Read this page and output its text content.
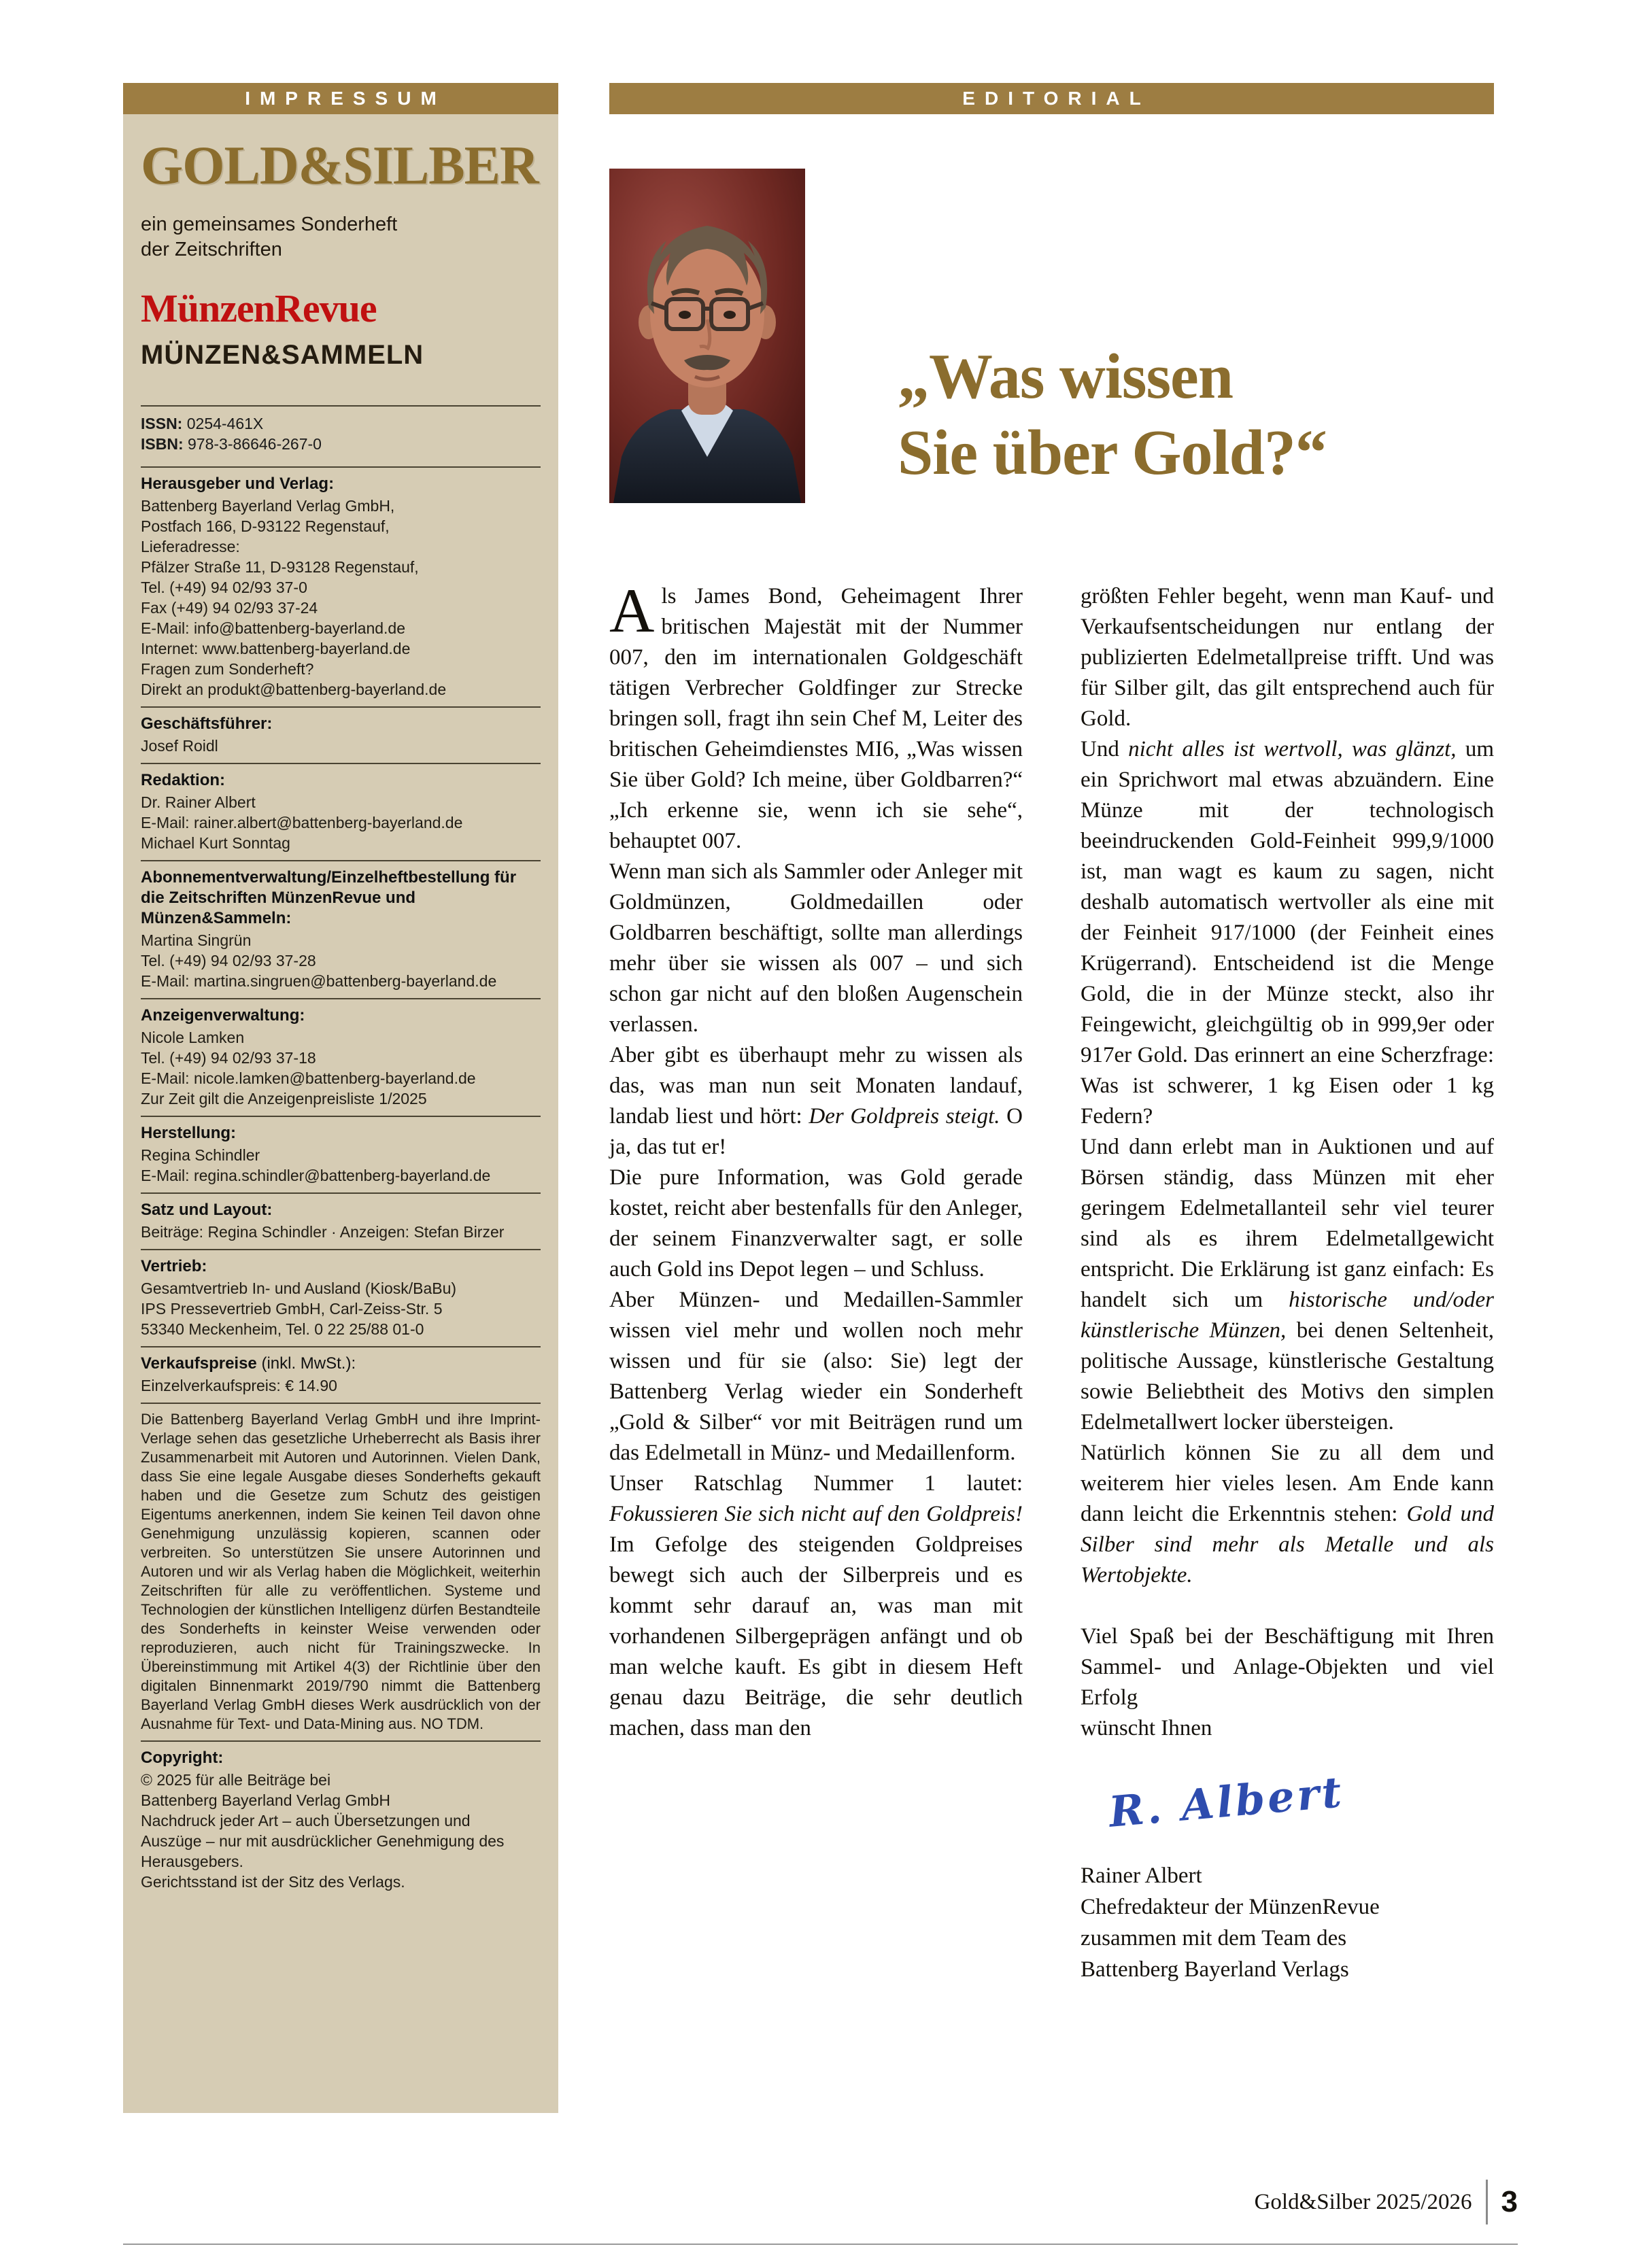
IMPRESSUM
GOLD&SILBER
ein gemeinsames Sonderheft
der Zeitschriften
MünzenRevue
MÜNZEN&SAMMELN
ISSN: 0254-461X
ISBN: 978-3-86646-267-0
Herausgeber und Verlag:
Battenberg Bayerland Verlag GmbH,
Postfach 166, D-93122 Regenstauf,
Lieferadresse:
Pfälzer Straße 11, D-93128 Regenstauf,
Tel. (+49) 94 02/93 37-0
Fax (+49) 94 02/93 37-24
E-Mail: info@battenberg-bayerland.de
Internet: www.battenberg-bayerland.de
Fragen zum Sonderheft?
Direkt an produkt@battenberg-bayerland.de
Geschäftsführer:
Josef Roidl
Redaktion:
Dr. Rainer Albert
E-Mail: rainer.albert@battenberg-bayerland.de
Michael Kurt Sonntag
Abonnementverwaltung/Einzelheftbestellung für die Zeitschriften MünzenRevue und Münzen&Sammeln:
Martina Singrün
Tel. (+49) 94 02/93 37-28
E-Mail: martina.singruen@battenberg-bayerland.de
Anzeigenverwaltung:
Nicole Lamken
Tel. (+49) 94 02/93 37-18
E-Mail: nicole.lamken@battenberg-bayerland.de
Zur Zeit gilt die Anzeigenpreisliste 1/2025
Herstellung:
Regina Schindler
E-Mail: regina.schindler@battenberg-bayerland.de
Satz und Layout:
Beiträge: Regina Schindler · Anzeigen: Stefan Birzer
Vertrieb:
Gesamtvertrieb In- und Ausland (Kiosk/BaBu)
IPS Pressevertrieb GmbH, Carl-Zeiss-Str. 5
53340 Meckenheim, Tel. 0 22 25/88 01-0
Verkaufspreise (inkl. MwSt.):
Einzelverkaufspreis: € 14.90

Die Battenberg Bayerland Verlag GmbH und ihre Imprint-Verlage sehen das gesetzliche Urheberrecht als Basis ihrer Zusammenarbeit mit Autoren und Autorinnen. Vielen Dank, dass Sie eine legale Ausgabe dieses Sonderhefts gekauft haben und die Gesetze zum Schutz des geistigen Eigentums anerkennen, indem Sie keinen Teil davon ohne Genehmigung unzulässig kopieren, scannen oder verbreiten. So unterstützen Sie unsere Autorinnen und Autoren und wir als Verlag haben die Möglichkeit, weiterhin Zeitschriften für alle zu veröffentlichen. Systeme und Technologien der künstlichen Intelligenz dürfen Bestandteile des Sonderhefts in keinster Weise verwenden oder reproduzieren, auch nicht für Trainingszwecke. In Übereinstimmung mit Artikel 4(3) der Richtlinie über den digitalen Binnenmarkt 2019/790 nimmt die Battenberg Bayerland Verlag GmbH dieses Werk ausdrücklich von der Ausnahme für Text- und Data-Mining aus. NO TDM.

Copyright:
© 2025 für alle Beiträge bei
Battenberg Bayerland Verlag GmbH
Nachdruck jeder Art – auch Übersetzungen und
Auszüge – nur mit ausdrücklicher Genehmigung des
Herausgebers.
Gerichtsstand ist der Sitz des Verlags.
EDITORIAL
„Was wissen
Sie über Gold?“

Als James Bond, Geheimagent Ihrer britischen Majestät mit der Nummer 007, den im internationalen Goldgeschäft tätigen Verbrecher Goldfinger zur Strecke bringen soll, fragt ihn sein Chef M, Leiter des britischen Geheimdienstes MI6, „Was wissen Sie über Gold? Ich meine, über Goldbarren?“ „Ich erkenne sie, wenn ich sie sehe“, behauptet 007.

Wenn man sich als Sammler oder Anleger mit Goldmünzen, Goldmedaillen oder Goldbarren beschäftigt, sollte man allerdings mehr über sie wissen als 007 – und sich schon gar nicht auf den bloßen Augenschein verlassen.

Aber gibt es überhaupt mehr zu wissen als das, was man nun seit Monaten landauf, landab liest und hört: Der Goldpreis steigt. O ja, das tut er!

Die pure Information, was Gold gerade kostet, reicht aber bestenfalls für den Anleger, der seinem Finanzverwalter sagt, er solle auch Gold ins Depot legen – und Schluss.

Aber Münzen- und Medaillen-Sammler wissen viel mehr und wollen noch mehr wissen und für sie (also: Sie) legt der Battenberg Verlag wieder ein Sonderheft „Gold & Silber“ vor mit Beiträgen rund um das Edelmetall in Münz- und Medaillenform.

Unser Ratschlag Nummer 1 lautet: Fokussieren Sie sich nicht auf den Goldpreis! Im Gefolge des steigenden Goldpreises bewegt sich auch der Silberpreis und es kommt sehr darauf an, was man mit vorhandenen Silbergeprägen anfängt und ob man welche kauft. Es gibt in diesem Heft genau dazu Beiträge, die sehr deutlich machen, dass man den

größten Fehler begeht, wenn man Kauf- und Verkaufsentscheidungen nur entlang der publizierten Edelmetallpreise trifft. Und was für Silber gilt, das gilt entsprechend auch für Gold.

Und nicht alles ist wertvoll, was glänzt, um ein Sprichwort mal etwas abzuändern. Eine Münze mit der technologisch beeindruckenden Gold-Feinheit 999,9/1000 ist, man wagt es kaum zu sagen, nicht deshalb automatisch wertvoller als eine mit der Feinheit 917/1000 (der Feinheit eines Krügerrand). Entscheidend ist die Menge Gold, die in der Münze steckt, also ihr Feingewicht, gleichgültig ob in 999,9er oder 917er Gold. Das erinnert an eine Scherzfrage: Was ist schwerer, 1 kg Eisen oder 1 kg Federn?

Und dann erlebt man in Auktionen und auf Börsen ständig, dass Münzen mit eher geringem Edelmetallanteil sehr viel teurer sind als es ihrem Edelmetallgewicht entspricht. Die Erklärung ist ganz einfach: Es handelt sich um historische und/oder künstlerische Münzen, bei denen Seltenheit, politische Aussage, künstlerische Gestaltung sowie Beliebtheit des Motivs den simplen Edelmetallwert locker übersteigen.

Natürlich können Sie zu all dem und weiterem hier vieles lesen. Am Ende kann dann leicht die Erkenntnis stehen: Gold und Silber sind mehr als Metalle und als Wertobjekte.

Viel Spaß bei der Beschäftigung mit Ihren Sammel- und Anlage-Objekten und viel Erfolg

wünscht Ihnen

R. Albert
Rainer Albert
Chefredakteur der MünzenRevue
zusammen mit dem Team des
Battenberg Bayerland Verlags
Gold&Silber 2025/2026 3
